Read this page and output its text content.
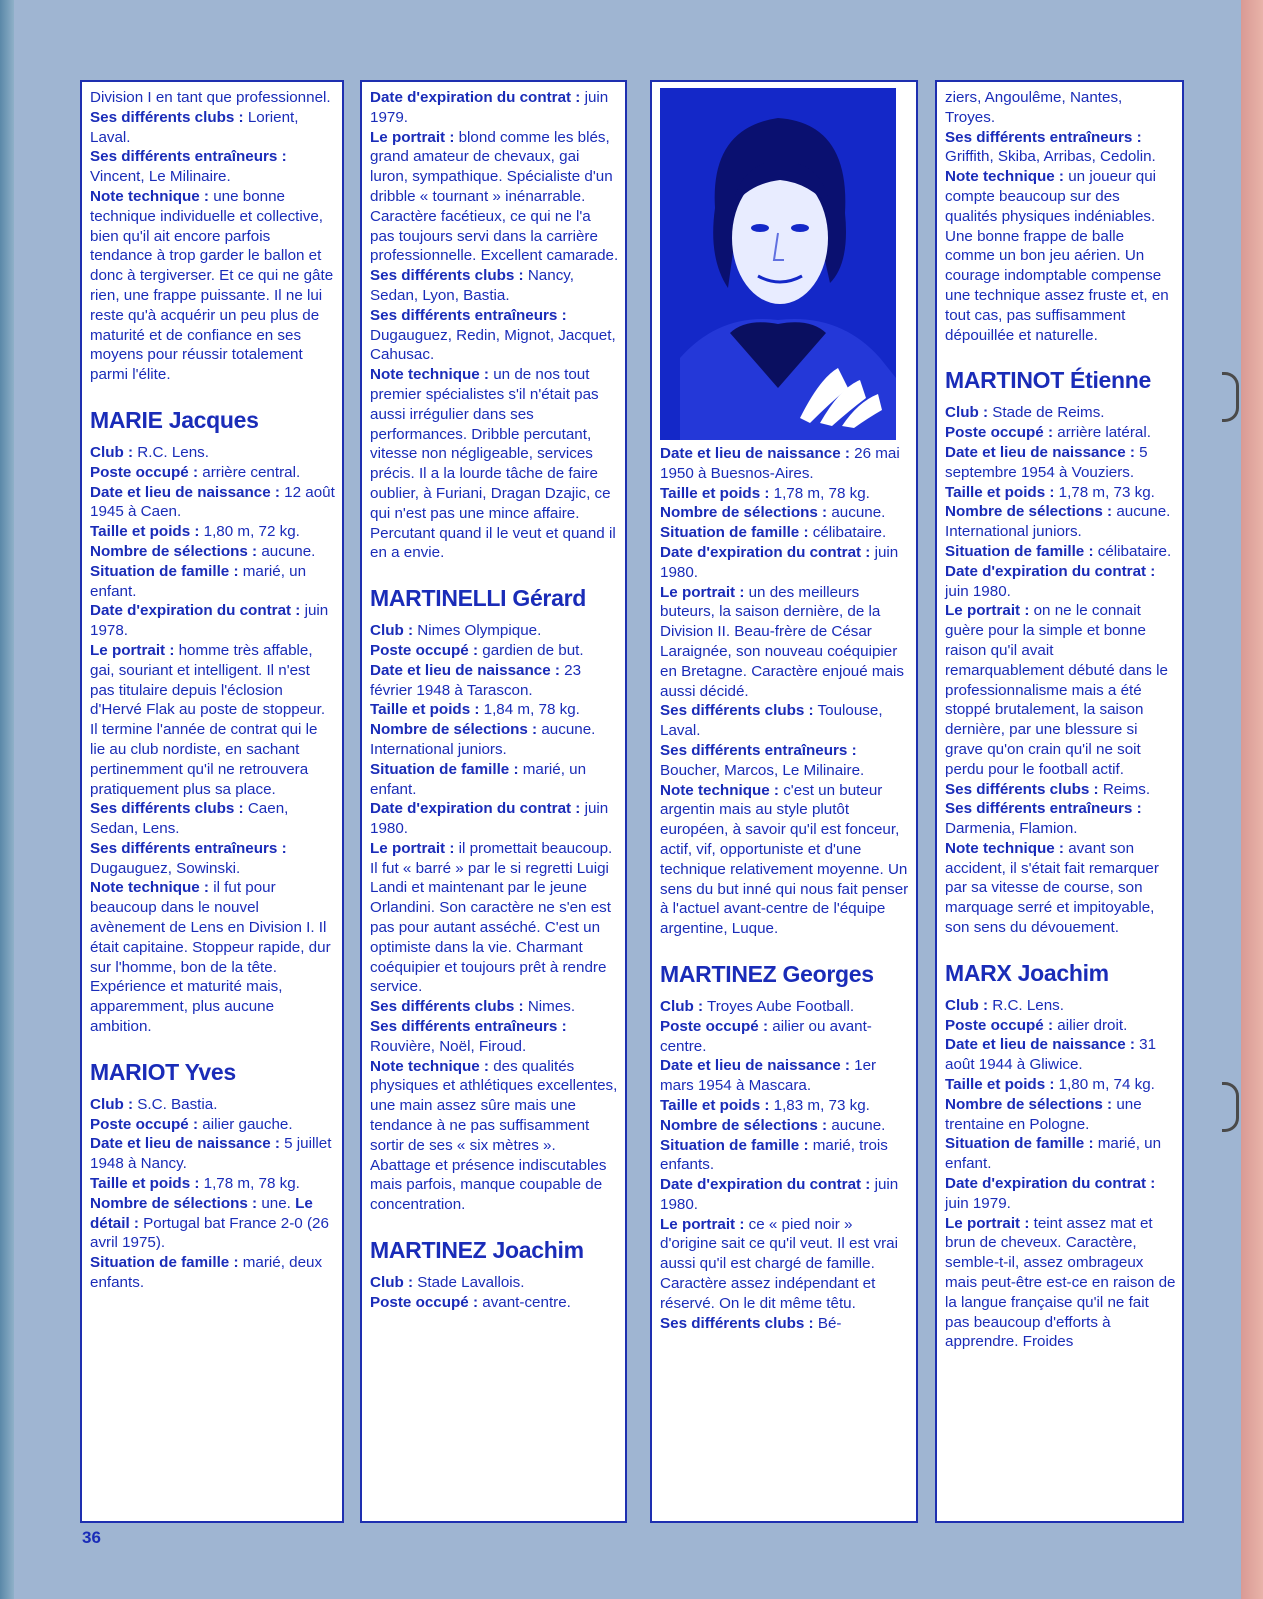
Division I en tant que professionnel.

Ses différents clubs : Lorient, Laval.

Ses différents entraîneurs : Vincent, Le Milinaire.

Note technique : une bonne technique individuelle et collective, bien qu'il ait encore parfois tendance à trop garder le ballon et donc à tergiverser. Et ce qui ne gâte rien, une frappe puissante. Il ne lui reste qu'à acquérir un peu plus de maturité et de confiance en ses moyens pour réussir totalement parmi l'élite.

MARIE Jacques

Club : R.C. Lens.

Poste occupé : arrière central.

Date et lieu de naissance : 12 août 1945 à Caen.

Taille et poids : 1,80 m, 72 kg.

Nombre de sélections : aucune.

Situation de famille : marié, un enfant.

Date d'expiration du contrat : juin 1978.

Le portrait : homme très affable, gai, souriant et intelligent. Il n'est pas titulaire depuis l'éclosion d'Hervé Flak au poste de stoppeur. Il termine l'année de contrat qui le lie au club nordiste, en sachant pertinemment qu'il ne retrouvera pratiquement plus sa place.

Ses différents clubs : Caen, Sedan, Lens.

Ses différents entraîneurs : Dugauguez, Sowinski.

Note technique : il fut pour beaucoup dans le nouvel avènement de Lens en Division I. Il était capitaine. Stoppeur rapide, dur sur l'homme, bon de la tête. Expérience et maturité mais, apparemment, plus aucune ambition.

MARIOT Yves

Club : S.C. Bastia.

Poste occupé : ailier gauche.

Date et lieu de naissance : 5 juillet 1948 à Nancy.

Taille et poids : 1,78 m, 78 kg.

Nombre de sélections : une. Le détail : Portugal bat France 2-0 (26 avril 1975).

Situation de famille : marié, deux enfants.

Date d'expiration du contrat : juin 1979.

Le portrait : blond comme les blés, grand amateur de chevaux, gai luron, sympathique. Spécialiste d'un dribble « tournant » inénarrable. Caractère facétieux, ce qui ne l'a pas toujours servi dans la carrière professionnelle. Excellent camarade.

Ses différents clubs : Nancy, Sedan, Lyon, Bastia.

Ses différents entraîneurs : Dugauguez, Redin, Mignot, Jacquet, Cahusac.

Note technique : un de nos tout premier spécialistes s'il n'était pas aussi irrégulier dans ses performances. Dribble percutant, vitesse non négligeable, services précis. Il a la lourde tâche de faire oublier, à Furiani, Dragan Dzajic, ce qui n'est pas une mince affaire. Percutant quand il le veut et quand il en a envie.

MARTINELLI Gérard

Club : Nimes Olympique.

Poste occupé : gardien de but.

Date et lieu de naissance : 23 février 1948 à Tarascon.

Taille et poids : 1,84 m, 78 kg.

Nombre de sélections : aucune. International juniors.

Situation de famille : marié, un enfant.

Date d'expiration du contrat : juin 1980.

Le portrait : il promettait beaucoup. Il fut « barré » par le si regretti Luigi Landi et maintenant par le jeune Orlandini. Son caractère ne s'en est pas pour autant asséché. C'est un optimiste dans la vie. Charmant coéquipier et toujours prêt à rendre service.

Ses différents clubs : Nimes.

Ses différents entraîneurs : Rouvière, Noël, Firoud.

Note technique : des qualités physiques et athlétiques excellentes, une main assez sûre mais une tendance à ne pas suffisamment sortir de ses « six mètres ». Abattage et présence indiscutables mais parfois, manque coupable de concentration.

MARTINEZ Joachim

Club : Stade Lavallois.

Poste occupé : avant-centre.

Date et lieu de naissance : 26 mai 1950 à Buesnos-Aires.

Taille et poids : 1,78 m, 78 kg.

Nombre de sélections : aucune.

Situation de famille : célibataire.

Date d'expiration du contrat : juin 1980.

Le portrait : un des meilleurs buteurs, la saison dernière, de la Division II. Beau-frère de César Laraignée, son nouveau coéquipier en Bretagne. Caractère enjoué mais aussi décidé.

Ses différents clubs : Toulouse, Laval.

Ses différents entraîneurs : Boucher, Marcos, Le Milinaire.

Note technique : c'est un buteur argentin mais au style plutôt européen, à savoir qu'il est fonceur, actif, vif, opportuniste et d'une technique relativement moyenne. Un sens du but inné qui nous fait penser à l'actuel avant-centre de l'équipe argentine, Luque.

MARTINEZ Georges

Club : Troyes Aube Football.

Poste occupé : ailier ou avant-centre.

Date et lieu de naissance : 1er mars 1954 à Mascara.

Taille et poids : 1,83 m, 73 kg.

Nombre de sélections : aucune.

Situation de famille : marié, trois enfants.

Date d'expiration du contrat : juin 1980.

Le portrait : ce « pied noir » d'origine sait ce qu'il veut. Il est vrai aussi qu'il est chargé de famille. Caractère assez indépendant et réservé. On le dit même têtu.

Ses différents clubs : Bé-

ziers, Angoulême, Nantes, Troyes.

Ses différents entraîneurs : Griffith, Skiba, Arribas, Cedolin.

Note technique : un joueur qui compte beaucoup sur des qualités physiques indéniables. Une bonne frappe de balle comme un bon jeu aérien. Un courage indomptable compense une technique assez fruste et, en tout cas, pas suffisamment dépouillée et naturelle.

MARTINOT Étienne

Club : Stade de Reims.

Poste occupé : arrière latéral.

Date et lieu de naissance : 5 septembre 1954 à Vouziers.

Taille et poids : 1,78 m, 73 kg.

Nombre de sélections : aucune. International juniors.

Situation de famille : célibataire.

Date d'expiration du contrat : juin 1980.

Le portrait : on ne le connait guère pour la simple et bonne raison qu'il avait remarquablement débuté dans le professionnalisme mais a été stoppé brutalement, la saison dernière, par une blessure si grave qu'on crain qu'il ne soit perdu pour le football actif.

Ses différents clubs : Reims.

Ses différents entraîneurs : Darmenia, Flamion.

Note technique : avant son accident, il s'était fait remarquer par sa vitesse de course, son marquage serré et impitoyable, son sens du dévouement.

MARX Joachim

Club : R.C. Lens.

Poste occupé : ailier droit.

Date et lieu de naissance : 31 août 1944 à Gliwice.

Taille et poids : 1,80 m, 74 kg.

Nombre de sélections : une trentaine en Pologne.

Situation de famille : marié, un enfant.

Date d'expiration du contrat : juin 1979.

Le portrait : teint assez mat et brun de cheveux. Caractère, semble-t-il, assez ombrageux mais peut-être est-ce en raison de la langue française qu'il ne fait pas beaucoup d'efforts à apprendre. Froides

36
